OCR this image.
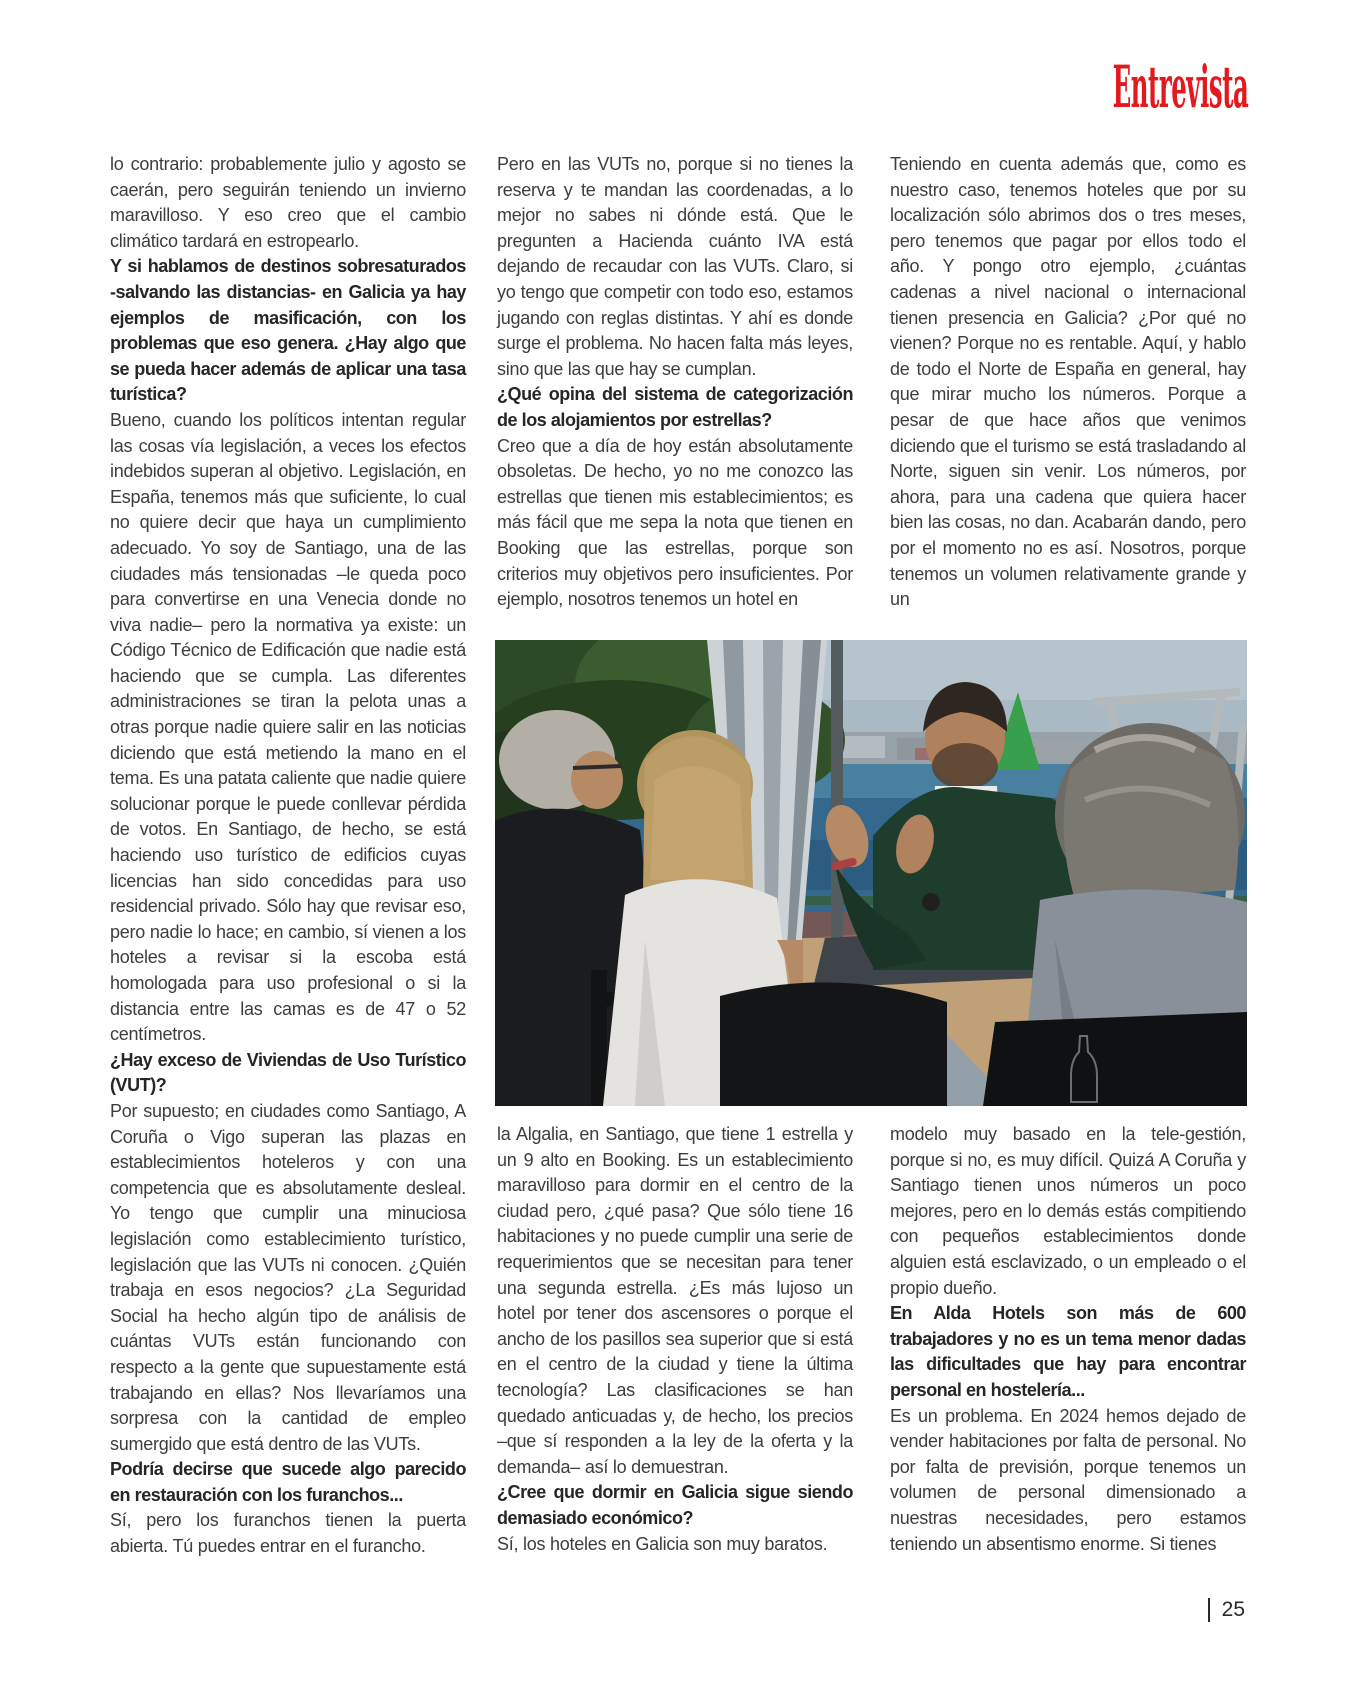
Entrevista

lo contrario: probablemente julio y agosto se caerán, pero seguirán teniendo un invierno maravilloso. Y eso creo que el cambio climático tardará en estropearlo.

Y si hablamos de destinos sobresaturados -salvando las distancias- en Galicia ya hay ejemplos de masificación, con los problemas que eso genera. ¿Hay algo que se pueda hacer además de aplicar una tasa turística?

Bueno, cuando los políticos intentan regular las cosas vía legislación, a veces los efectos indebidos superan al objetivo. Legislación, en España, tenemos más que suficiente, lo cual no quiere decir que haya un cumplimiento adecuado. Yo soy de Santiago, una de las ciudades más tensionadas –le queda poco para convertirse en una Venecia donde no viva nadie– pero la normativa ya existe: un Código Técnico de Edificación que nadie está haciendo que se cumpla. Las diferentes administraciones se tiran la pelota unas a otras porque nadie quiere salir en las noticias diciendo que está metiendo la mano en el tema. Es una patata caliente que nadie quiere solucionar porque le puede conllevar pérdida de votos. En Santiago, de hecho, se está haciendo uso turístico de edificios cuyas licencias han sido concedidas para uso residencial privado. Sólo hay que revisar eso, pero nadie lo hace; en cambio, sí vienen a los hoteles a revisar si la escoba está homologada para uso profesional o si la distancia entre las camas es de 47 o 52 centímetros.

¿Hay exceso de Viviendas de Uso Turístico (VUT)?

Por supuesto; en ciudades como Santiago, A Coruña o Vigo superan las plazas en establecimientos hoteleros y con una competencia que es absolutamente desleal. Yo tengo que cumplir una minuciosa legislación como establecimiento turístico, legislación que las VUTs ni conocen. ¿Quién trabaja en esos negocios? ¿La Seguridad Social ha hecho algún tipo de análisis de cuántas VUTs están funcionando con respecto a la gente que supuestamente está trabajando en ellas? Nos llevaríamos una sorpresa con la cantidad de empleo sumergido que está dentro de las VUTs.

Podría decirse que sucede algo parecido en restauración con los furanchos...

Sí, pero los furanchos tienen la puerta abierta. Tú puedes entrar en el furancho.

Pero en las VUTs no, porque si no tienes la reserva y te mandan las coordenadas, a lo mejor no sabes ni dónde está. Que le pregunten a Hacienda cuánto IVA está dejando de recaudar con las VUTs. Claro, si yo tengo que competir con todo eso, estamos jugando con reglas distintas. Y ahí es donde surge el problema. No hacen falta más leyes, sino que las que hay se cumplan.

¿Qué opina del sistema de categorización de los alojamientos por estrellas?

Creo que a día de hoy están absolutamente obsoletas. De hecho, yo no me conozco las estrellas que tienen mis establecimientos; es más fácil que me sepa la nota que tienen en Booking que las estrellas, porque son criterios muy objetivos pero insuficientes. Por ejemplo, nosotros tenemos un hotel en

la Algalia, en Santiago, que tiene 1 estrella y un 9 alto en Booking. Es un establecimiento maravilloso para dormir en el centro de la ciudad pero, ¿qué pasa? Que sólo tiene 16 habitaciones y no puede cumplir una serie de requerimientos que se necesitan para tener una segunda estrella. ¿Es más lujoso un hotel por tener dos ascensores o porque el ancho de los pasillos sea superior que si está en el centro de la ciudad y tiene la última tecnología? Las clasificaciones se han quedado anticuadas y, de hecho, los precios –que sí responden a la ley de la oferta y la demanda– así lo demuestran.

¿Cree que dormir en Galicia sigue siendo demasiado económico?

Sí, los hoteles en Galicia son muy baratos.

Teniendo en cuenta además que, como es nuestro caso, tenemos hoteles que por su localización sólo abrimos dos o tres meses, pero tenemos que pagar por ellos todo el año. Y pongo otro ejemplo, ¿cuántas cadenas a nivel nacional o internacional tienen presencia en Galicia? ¿Por qué no vienen? Porque no es rentable. Aquí, y hablo de todo el Norte de España en general, hay que mirar mucho los números. Porque a pesar de que hace años que venimos diciendo que el turismo se está trasladando al Norte, siguen sin venir. Los números, por ahora, para una cadena que quiera hacer bien las cosas, no dan. Acabarán dando, pero por el momento no es así. Nosotros, porque tenemos un volumen relativamente grande y un

modelo muy basado en la tele-gestión, porque si no, es muy difícil. Quizá A Coruña y Santiago tienen unos números un poco mejores, pero en lo demás estás compitiendo con pequeños establecimientos donde alguien está esclavizado, o un empleado o el propio dueño.

En Alda Hotels son más de 600 trabajadores y no es un tema menor dadas las dificultades que hay para encontrar personal en hostelería...

Es un problema. En 2024 hemos dejado de vender habitaciones por falta de personal. No por falta de previsión, porque tenemos un volumen de personal dimensionado a nuestras necesidades, pero estamos teniendo un absentismo enorme. Si tienes

25
